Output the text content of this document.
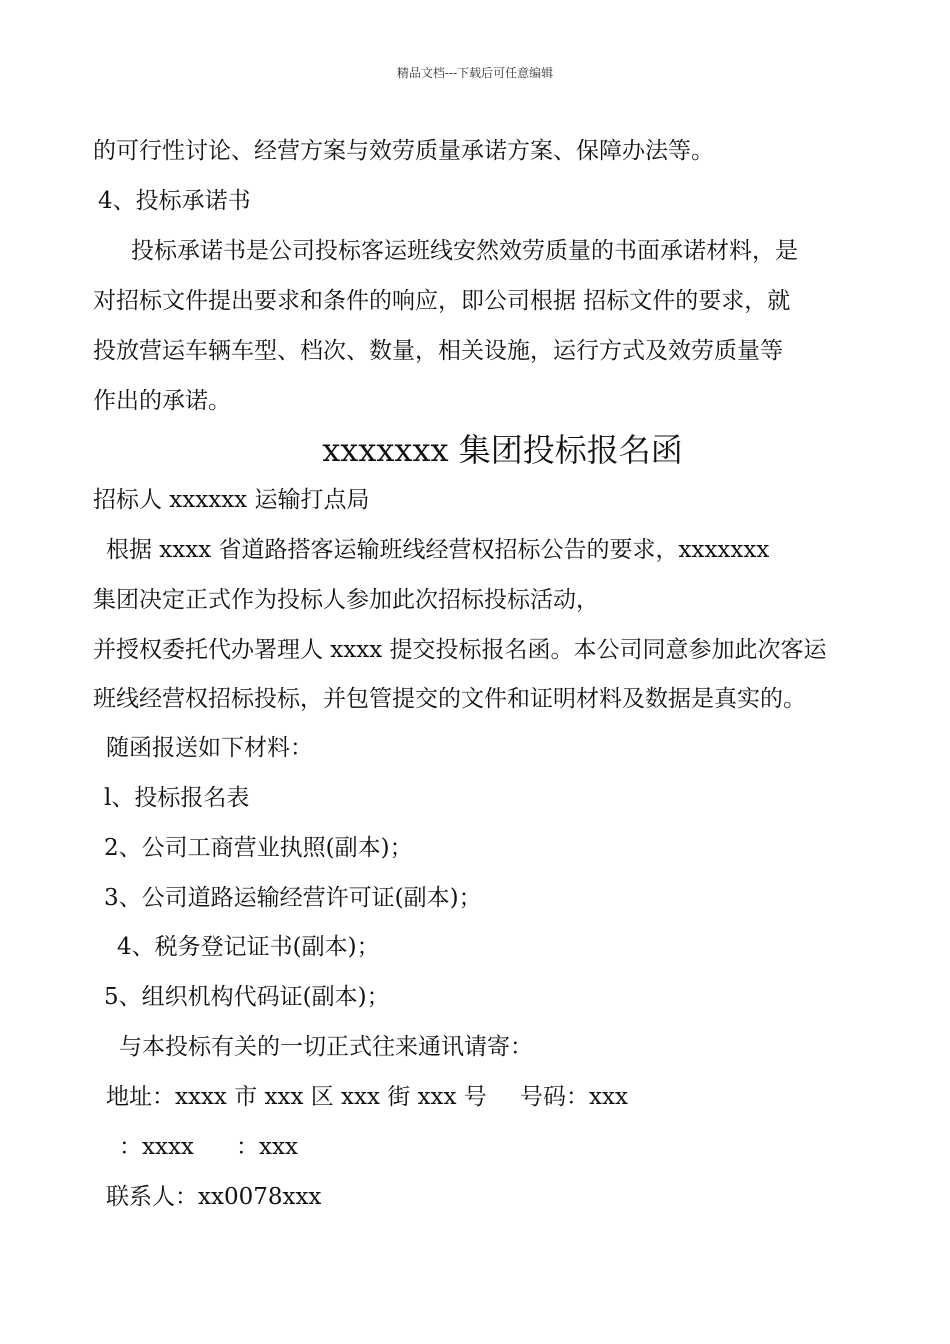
精品文档---下载后可任意编辑
的可行性讨论、经营方案与效劳质量承诺方案、保障办法等。
4、投标承诺书
投标承诺书是公司投标客运班线安然效劳质量的书面承诺材料，是
对招标文件提出要求和条件的响应，即公司根据 招标文件的要求，就
投放营运车辆车型、档次、数量，相关设施，运行方式及效劳质量等
作出的承诺。
xxxxxxx 集团投标报名函
招标人 xxxxxx 运输打点局
根据 xxxx 省道路搭客运输班线经营权招标公告的要求，xxxxxxx
集团决定正式作为投标人参加此次招标投标活动，
并授权委托代办署理人 xxxx 提交投标报名函。本公司同意参加此次客运
班线经营权招标投标，并包管提交的文件和证明材料及数据是真实的。
随函报送如下材料：
l、投标报名表
2、公司工商营业执照(副本)；
3、公司道路运输经营许可证(副本)；
4、税务登记证书(副本)；
5、组织机构代码证(副本)；
与本投标有关的一切正式往来通讯请寄：
地址：xxxx 市 xxx 区 xxx 街 xxx 号 号码：xxx
：xxxx ：xxx
联系人：xx0078xxx
